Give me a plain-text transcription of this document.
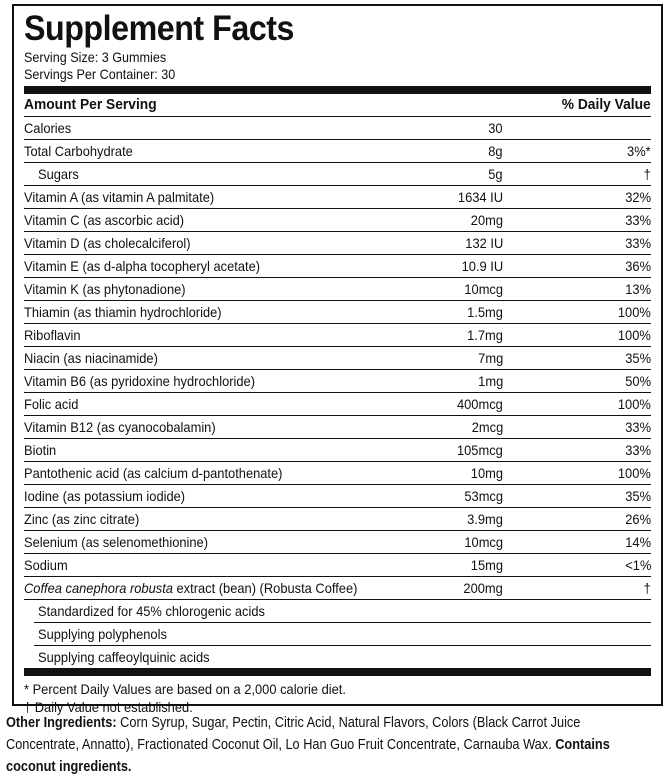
Supplement Facts
Serving Size: 3 Gummies
Servings Per Container: 30
Amount Per Serving	% Daily Value
Calories	30
Total Carbohydrate	8g	3%*
Sugars	5g	†
Vitamin A (as vitamin A palmitate)	1634 IU	32%
Vitamin C (as ascorbic acid)	20mg	33%
Vitamin D (as cholecalciferol)	132 IU	33%
Vitamin E (as d-alpha tocopheryl acetate)	10.9 IU	36%
Vitamin K (as phytonadione)	10mcg	13%
Thiamin (as thiamin hydrochloride)	1.5mg	100%
Riboflavin	1.7mg	100%
Niacin (as niacinamide)	7mg	35%
Vitamin B6 (as pyridoxine hydrochloride)	1mg	50%
Folic acid	400mcg	100%
Vitamin B12 (as cyanocobalamin)	2mcg	33%
Biotin	105mcg	33%
Pantothenic acid (as calcium d-pantothenate)	10mg	100%
Iodine (as potassium iodide)	53mcg	35%
Zinc (as zinc citrate)	3.9mg	26%
Selenium (as selenomethionine)	10mcg	14%
Sodium	15mg	<1%
Coffea canephora robusta extract (bean) (Robusta Coffee)	200mg	†
Standardized for 45% chlorogenic acids
Supplying polyphenols
Supplying caffeoylquinic acids
* Percent Daily Values are based on a 2,000 calorie diet.
† Daily Value not established.
Other Ingredients: Corn Syrup, Sugar, Pectin, Citric Acid, Natural Flavors, Colors (Black Carrot Juice Concentrate, Annatto), Fractionated Coconut Oil, Lo Han Guo Fruit Concentrate, Carnauba Wax. Contains coconut ingredients.
